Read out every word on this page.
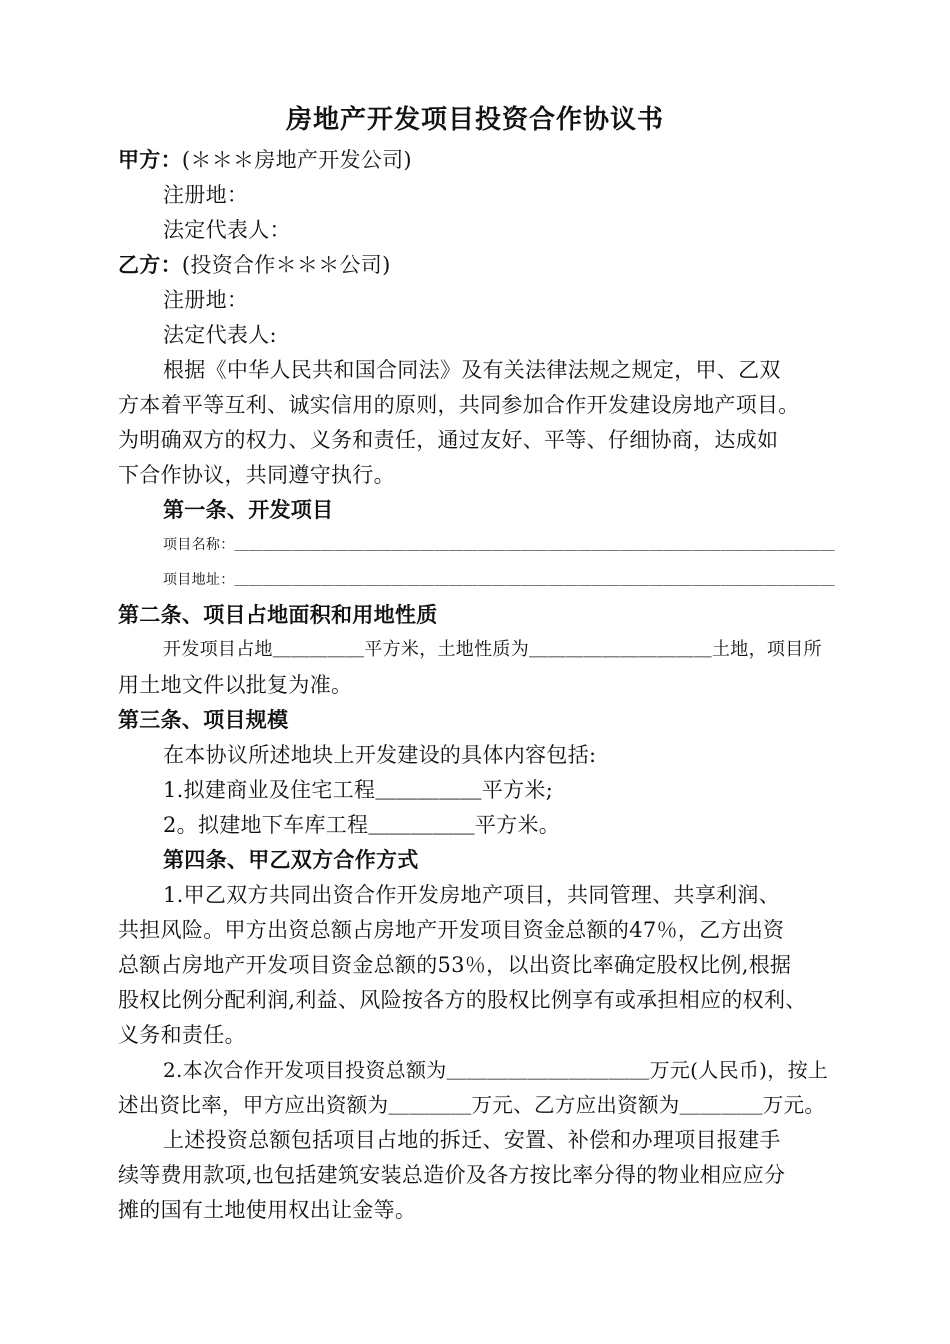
房地产开发项目投资合作协议书
甲方：(＊＊＊房地产开发公司)
注册地：
法定代表人：
乙方：(投资合作＊＊＊公司)
注册地：
法定代表人:
根据《中华人民共和国合同法》及有关法律法规之规定，甲、乙双
方本着平等互利、诚实信用的原则，共同参加合作开发建设房地产项目。
为明确双方的权力、义务和责任，通过友好、平等、仔细协商，达成如
下合作协议，共同遵守执行。
第一条、开发项目
项目名称：＿＿＿＿＿＿＿＿＿＿＿＿＿＿＿＿＿＿＿＿＿＿＿＿＿＿＿＿＿＿＿＿＿＿＿＿＿＿＿＿＿＿
项目地址：＿＿＿＿＿＿＿＿＿＿＿＿＿＿＿＿＿＿＿＿＿＿＿＿＿＿＿＿＿＿＿＿＿＿＿＿＿＿＿＿＿＿
第二条、项目占地面积和用地性质
开发项目占地＿＿＿＿＿平方米，土地性质为＿＿＿＿＿＿＿＿＿＿土地，项目所
用土地文件以批复为准。
第三条、项目规模
在本协议所述地块上开发建设的具体内容包括:
1.拟建商业及住宅工程＿＿＿＿＿平方米;
2。拟建地下车库工程＿＿＿＿＿平方米。
第四条、甲乙双方合作方式
1.甲乙双方共同出资合作开发房地产项目，共同管理、共享利润、
共担风险。甲方出资总额占房地产开发项目资金总额的47％，乙方出资
总额占房地产开发项目资金总额的53％，以出资比率确定股权比例,根据
股权比例分配利润,利益、风险按各方的股权比例享有或承担相应的权利、
义务和责任。
2.本次合作开发项目投资总额为＿＿＿＿＿＿＿＿＿＿万元(人民币)，按上
述出资比率，甲方应出资额为＿＿＿＿万元、乙方应出资额为＿＿＿＿万元。
上述投资总额包括项目占地的拆迁、安置、补偿和办理项目报建手
续等费用款项,也包括建筑安装总造价及各方按比率分得的物业相应应分
摊的国有土地使用权出让金等。
